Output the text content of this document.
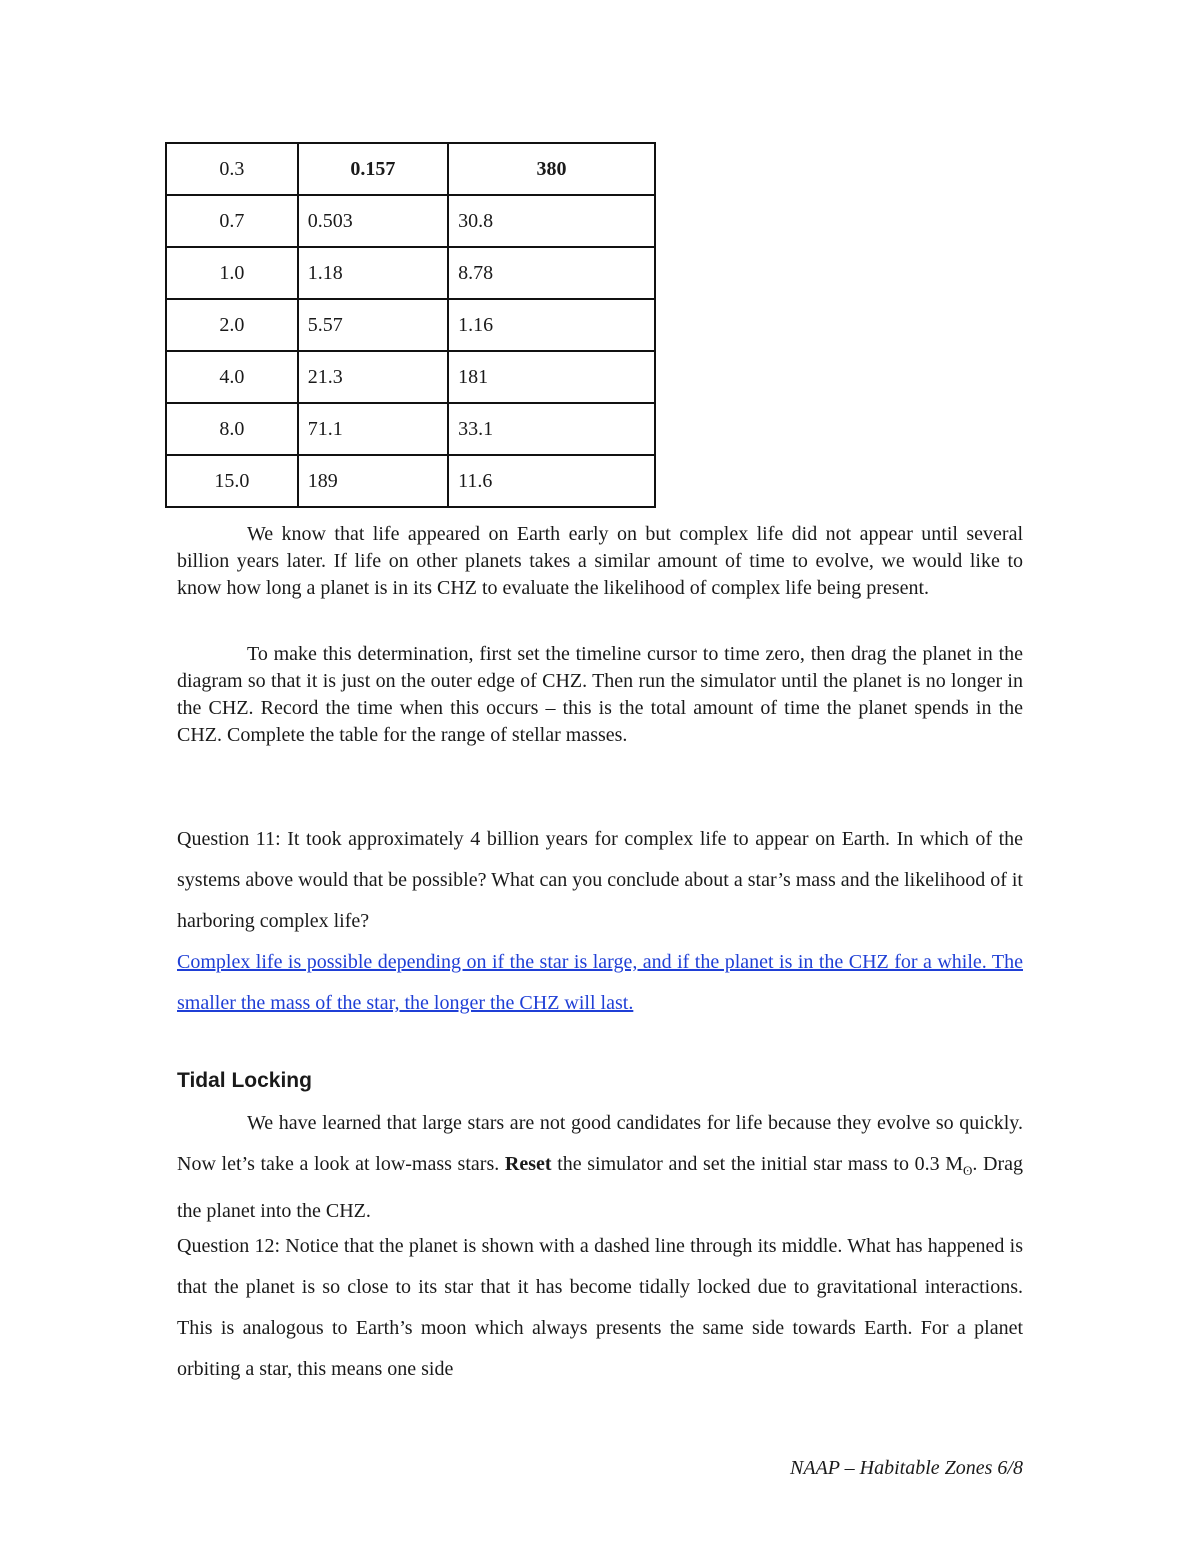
0.3	0.157	380
0.7	0.503	30.8
1.0	1.18	8.78
2.0	5.57	1.16
4.0	21.3	181
8.0	71.1	33.1
15.0	189	11.6

We know that life appeared on Earth early on but complex life did not appear until several billion years later. If life on other planets takes a similar amount of time to evolve, we would like to know how long a planet is in its CHZ to evaluate the likelihood of complex life being present.

To make this determination, first set the timeline cursor to time zero, then drag the planet in the diagram so that it is just on the outer edge of CHZ. Then run the simulator until the planet is no longer in the CHZ. Record the time when this occurs – this is the total amount of time the planet spends in the CHZ. Complete the table for the range of stellar masses.

Question 11: It took approximately 4 billion years for complex life to appear on Earth. In which of the systems above would that be possible? What can you conclude about a star’s mass and the likelihood of it harboring complex life?

Complex life is possible depending on if the star is large, and if the planet is in the CHZ for a while. The smaller the mass of the star, the longer the CHZ will last.

Tidal Locking

We have learned that large stars are not good candidates for life because they evolve so quickly. Now let’s take a look at low-mass stars. Reset the simulator and set the initial star mass to 0.3 $M_ʘ$. Drag the planet into the CHZ.

Question 12: Notice that the planet is shown with a dashed line through its middle. What has happened is that the planet is so close to its star that it has become tidally locked due to gravitational interactions. This is analogous to Earth’s moon which always presents the same side towards Earth. For a planet orbiting a star, this means one side

NAAP – Habitable Zones 6/8
